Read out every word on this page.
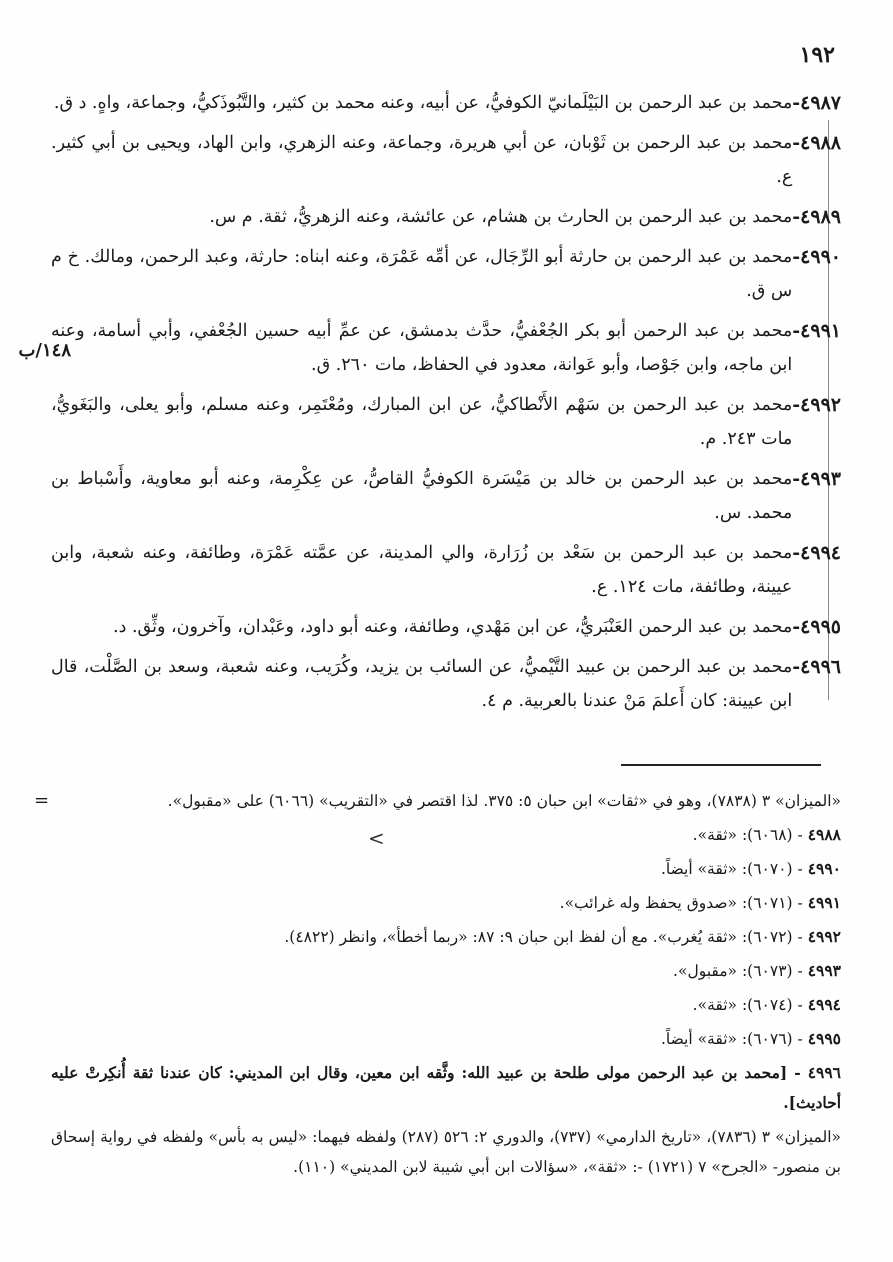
١٩٢
١٤٨/ب
٤٩٨٧
-
محمد بن عبد الرحمن بن البَيْلَمانيّ الكوفيُّ، عن أبيه، وعنه محمد بن كثير، والتَّبُوذَكيُّ، وجماعة، واهٍ. د ق.
٤٩٨٨
-
محمد بن عبد الرحمن بن ثَوْبان، عن أبي هريرة، وجماعة، وعنه الزهري، وابن الهاد، ويحيى بن أبي كثير. ع.
٤٩٨٩
-
محمد بن عبد الرحمن بن الحارث بن هشام، عن عائشة، وعنه الزهريُّ، ثقة. م س.
٤٩٩٠
-
محمد بن عبد الرحمن بن حارثة أبو الرِّجَال، عن أمِّه عَمْرَة، وعنه ابناه: حارثة، وعبد الرحمن، ومالك. خ م س ق.
٤٩٩١
-
محمد بن عبد الرحمن أبو بكر الجُعْفيُّ، حدَّث بدمشق، عن عمِّ أبيه حسين الجُعْفي، وأبي أسامة، وعنه ابن ماجه، وابن جَوْصا، وأبو عَوانة، معدود في الحفاظ، مات ٢٦٠. ق.
٤٩٩٢
-
محمد بن عبد الرحمن بن سَهْم الأَنْطاكيُّ، عن ابن المبارك، ومُعْتَمِر، وعنه مسلم، وأبو يعلى، والبَغَويُّ، مات ٢٤٣. م.
٤٩٩٣
-
محمد بن عبد الرحمن بن خالد بن مَيْسَرة الكوفيُّ القاصُّ، عن عِكْرِمة، وعنه أبو معاوية، وأَسْباط بن محمد. س.
٤٩٩٤
-
محمد بن عبد الرحمن بن سَعْد بن زُرَارة، والي المدينة، عن عمَّته عَمْرَة، وطائفة، وعنه شعبة، وابن عيينة، وطائفة، مات ١٢٤. ع.
٤٩٩٥
-
محمد بن عبد الرحمن العَنْبَريُّ، عن ابن مَهْدي، وطائفة، وعنه أبو داود، وعَبْدان، وآخرون، وثِّق. د.
٤٩٩٦
-
محمد بن عبد الرحمن بن عبيد التَّيْميُّ، عن السائب بن يزيد، وكُرَيب، وعنه شعبة، وسعد بن الصَّلْت، قال ابن عيينة: كان أَعلمَ مَنْ عندنا بالعربية. م ٤.
=
<
«الميزان» ٣ (٧٨٣٨)، وهو في «ثقات» ابن حبان ٥: ٣٧٥. لذا اقتصر في «التقريب» (٦٠٦٦) على «مقبول».
٤٩٨٨ - (٦٠٦٨): «ثقة».
٤٩٩٠ - (٦٠٧٠): «ثقة» أيضاً.
٤٩٩١ - (٦٠٧١): «صدوق يحفظ وله غرائب».
٤٩٩٢ - (٦٠٧٢): «ثقة يُغرب». مع أن لفظ ابن حبان ٩: ٨٧: «ربما أخطأ»، وانظر (٤٨٢٢).
٤٩٩٣ - (٦٠٧٣): «مقبول».
٤٩٩٤ - (٦٠٧٤): «ثقة».
٤٩٩٥ - (٦٠٧٦): «ثقة» أيضاً.
٤٩٩٦ - [محمد بن عبد الرحمن مولى طلحة بن عبيد الله: وثَّقه ابن معين، وقال ابن المديني: كان عندنا ثقة أُنكِرتْ عليه أحاديث].
«الميزان» ٣ (٧٨٣٦)، «تاريخ الدارمي» (٧٣٧)، والدوري ٢: ٥٢٦ (٢٨٧) ولفظه فيهما: «ليس به بأس» ولفظه في رواية إسحاق بن منصور- «الجرح» ٧ (١٧٢١) -: «ثقة»، «سؤالات ابن أبي شيبة لابن المديني» (١١٠).
